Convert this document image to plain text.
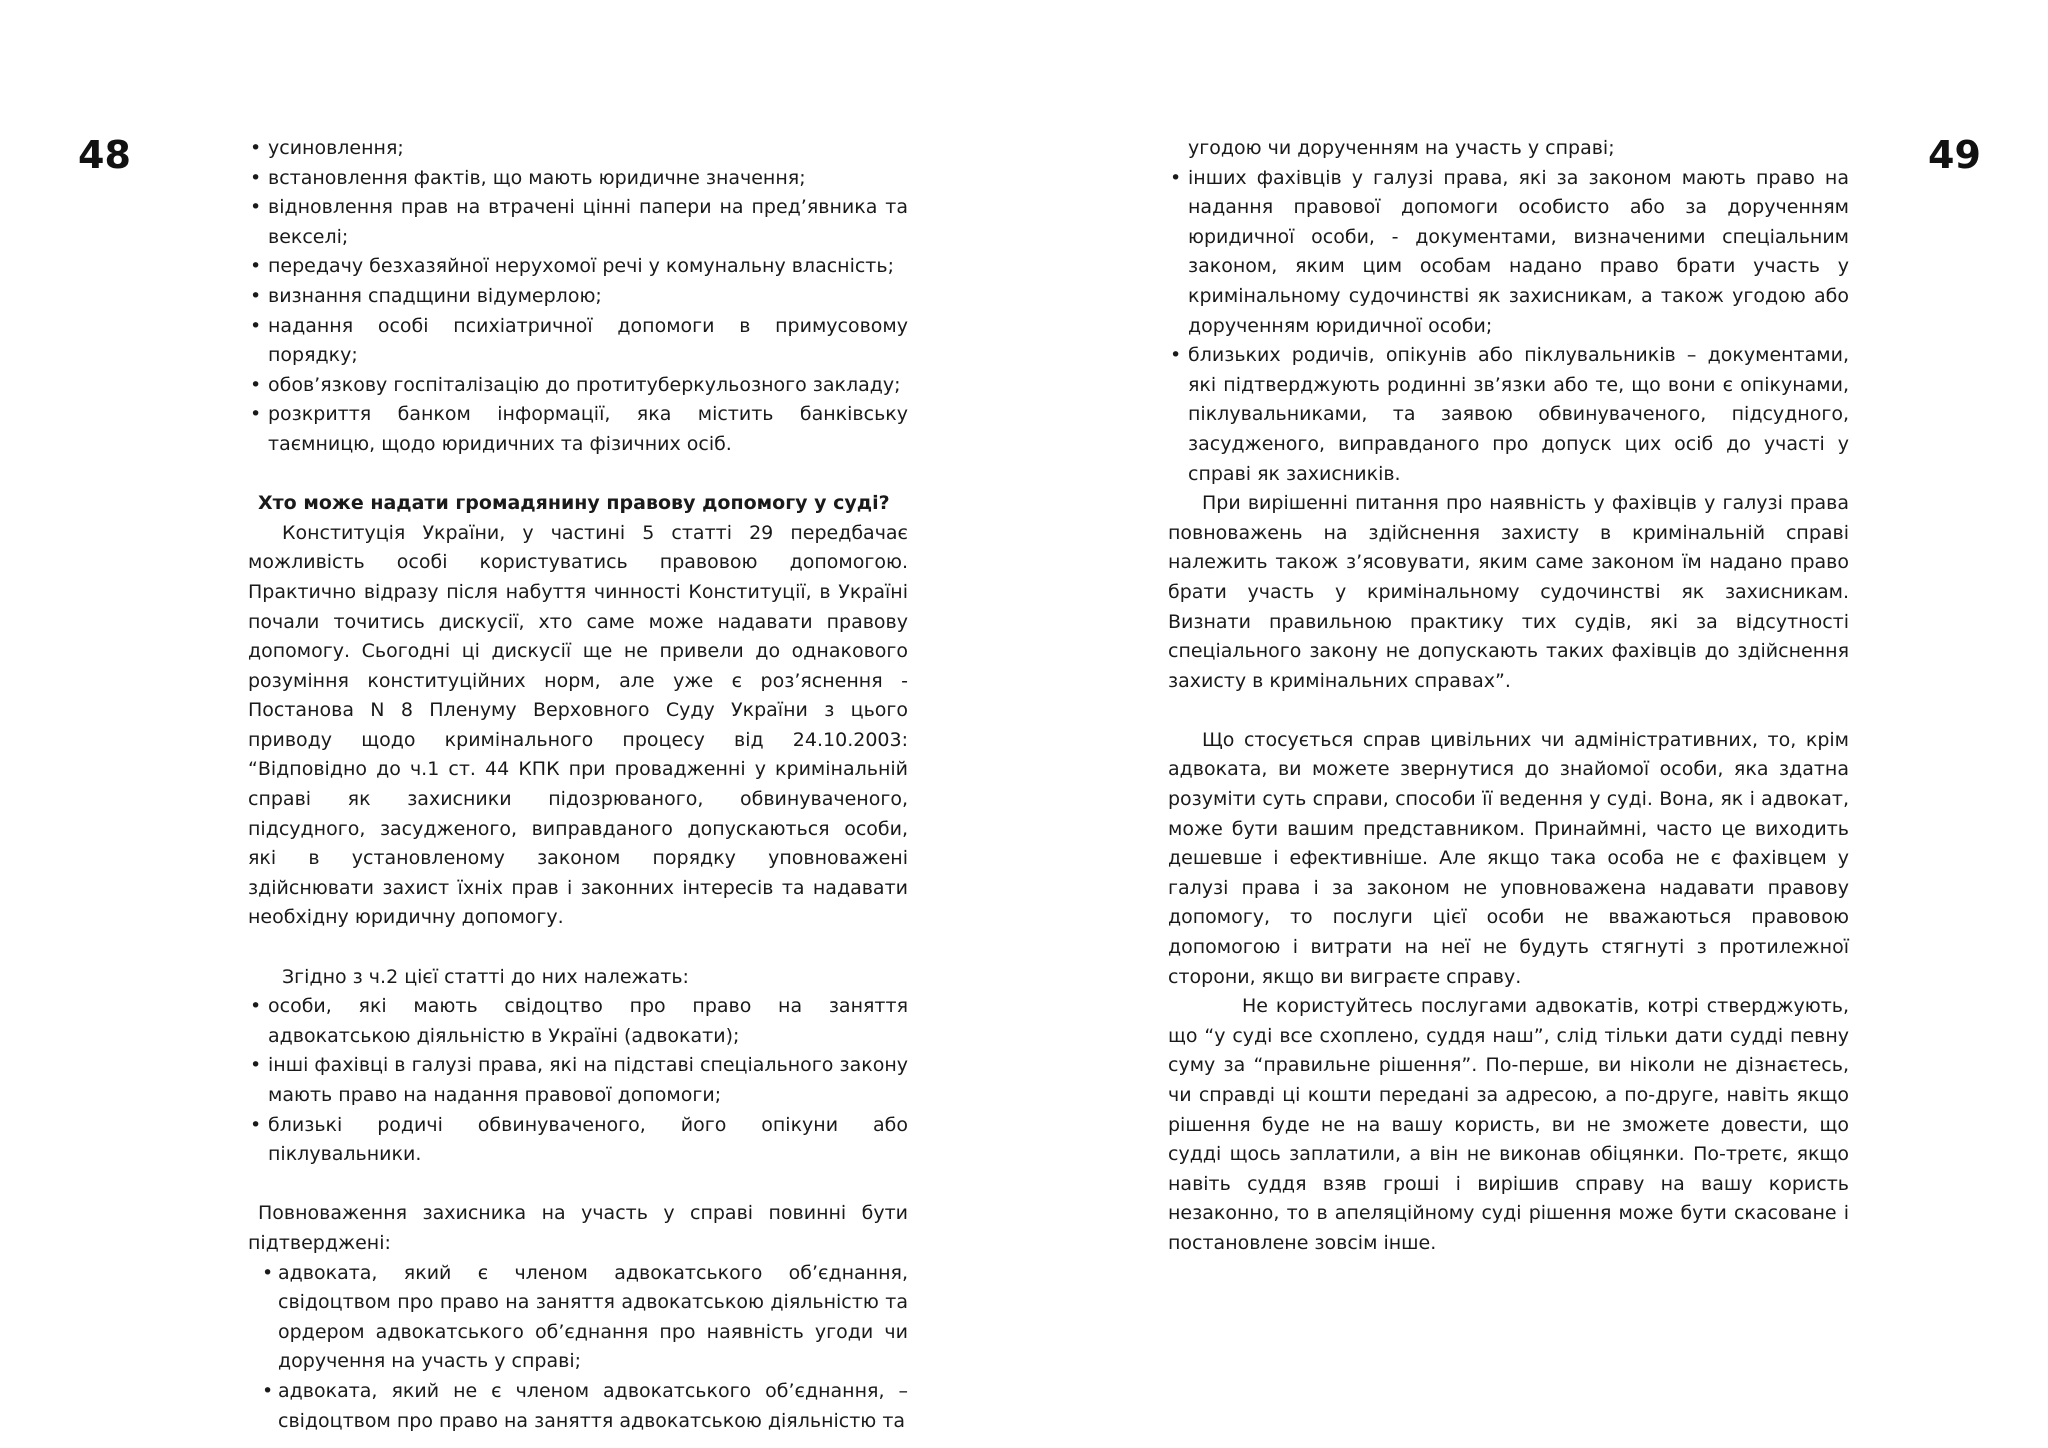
48	49
• усиновлення;
• встановлення фактів, що мають юридичне значення;
• відновлення прав на втрачені цінні папери на пред’явника та векселі;
• передачу безхазяйної нерухомої речі у комунальну власність;
• визнання спадщини відумерлою;
• надання особі психіатричної допомоги в примусовому порядку;
• обов’язкову госпіталізацію до протитуберкульозного закладу;
• розкриття банком інформації, яка містить банківську таємницю, щодо юридичних та фізичних осіб.

Хто може надати громадянину правову допомогу у суді?

Конституція України, у частині 5 статті 29 передбачає можливість особі користуватись правовою допомогою. Практично відразу після набуття чинності Конституції, в Україні почали точитись дискусії, хто саме може надавати правову допомогу. Сьогодні ці дискусії ще не привели до однакового розуміння конституційних норм, але уже є роз’яснення - Постанова N 8 Пленуму Верховного Суду України з цього приводу щодо кримінального процесу від 24.10.2003: “Відповідно до ч.1 ст. 44 КПК при провадженні у кримінальній справі як захисники підозрюваного, обвинуваченого, підсудного, засудженого, виправданого допускаються особи, які в установленому законом порядку уповноважені здійснювати захист їхніх прав і законних інтересів та надавати необхідну юридичну допомогу.

Згідно з ч.2 цієї статті до них належать:

• особи, які мають свідоцтво про право на заняття адвокатською діяльністю в Україні (адвокати);
• інші фахівці в галузі права, які на підставі спеціального закону мають право на надання правової допомоги;
• близькі родичі обвинуваченого, його опікуни або піклувальники.

Повноваження захисника на участь у справі повинні бути підтверджені:

• адвоката, який є членом адвокатського об’єднання, свідоцтвом про право на заняття адвокатською діяльністю та ордером адвокатського об’єднання про наявність угоди чи доручення на участь у справі;
• адвоката, який не є членом адвокатського об’єднання, – свідоцтвом про право на заняття адвокатською діяльністю та

угодою чи дорученням на участь у справі;

• інших фахівців у галузі права, які за законом мають право на надання правової допомоги особисто або за дорученням юридичної особи, - документами, визначеними спеціальним законом, яким цим особам надано право брати участь у кримінальному судочинстві як захисникам, а також угодою або дорученням юридичної особи;
• близьких родичів, опікунів або піклувальників – документами, які підтверджують родинні зв’язки або те, що вони є опікунами, піклувальниками, та заявою обвинуваченого, підсудного, засудженого, виправданого про допуск цих осіб до участі у справі як захисників.

При вирішенні питання про наявність у фахівців у галузі права повноважень на здійснення захисту в кримінальній справі належить також з’ясовувати, яким саме законом їм надано право брати участь у кримінальному судочинстві як захисникам. Визнати правильною практику тих судів, які за відсутності спеціального закону не допускають таких фахівців до здійснення захисту в кримінальних справах”.

Що стосується справ цивільних чи адміністративних, то, крім адвоката, ви можете звернутися до знайомої особи, яка здатна розуміти суть справи, способи її ведення у суді. Вона, як і адвокат, може бути вашим представником. Принаймні, часто це виходить дешевше і ефективніше. Але якщо така особа не є фахівцем у галузі права і за законом не уповноважена надавати правову допомогу, то послуги цієї особи не вважаються правовою допомогою і витрати на неї не будуть стягнуті з протилежної сторони, якщо ви виграєте справу.

Не користуйтесь послугами адвокатів, котрі стверджують, що “у суді все схоплено, суддя наш”, слід тільки дати судді певну суму за “правильне рішення”. По-перше, ви ніколи не дізнаєтесь, чи справді ці кошти передані за адресою, а по-друге, навіть якщо рішення буде не на вашу користь, ви не зможете довести, що судді щось заплатили, а він не виконав обіцянки. По-третє, якщо навіть суддя взяв гроші і вирішив справу на вашу користь незаконно, то в апеляційному суді рішення може бути скасоване і постановлене зовсім інше.
